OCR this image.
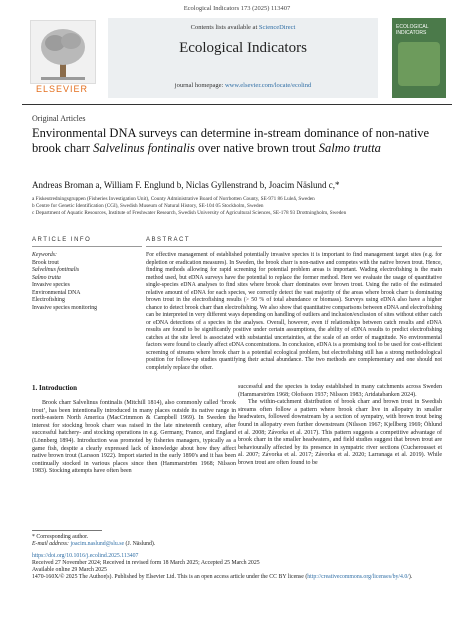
Ecological Indicators 173 (2025) 113407
ELSEVIER
Contents lists available at ScienceDirect
Ecological Indicators
journal homepage: www.elsevier.com/locate/ecolind
ECOLOGICAL INDICATORS
Original Articles
Environmental DNA surveys can determine in-stream dominance of non-native brook charr Salvelinus fontinalis over native brown trout Salmo trutta
Andreas Broman a, William F. Englund b, Niclas Gyllenstrand b, Joacim Näslund c,*
a Fiskeutredningsgruppen (Fisheries Investigation Unit), County Administrative Board of Norrbotten County, SE-971 86 Luleå, Sweden
b Centre for Genetic Identification (CGI), Swedish Museum of Natural History, SE-104 05 Stockholm, Sweden
c Department of Aquatic Resources, Institute of Freshwater Research, Swedish University of Agricultural Sciences, SE-178 93 Drottningholm, Sweden
ARTICLE INFO
Keywords:
Brook trout
Salvelinus fontinalis
Salmo trutta
Invasive species
Environmental DNA
Electrofishing
Invasive species monitoring
ABSTRACT
For effective management of established potentially invasive species it is important to find management target sites (e.g. for depletion or eradication measures). In Sweden, the brook charr is non-native and competes with the native brown trout. Hence, finding methods allowing for rapid screening for potential problem areas is important. Wading electrofishing is the main method used, but eDNA surveys have the potential to replace the former method. Here we evaluate the usage of quantitative single-species eDNA analyses to find sites where brook charr dominates over brown trout. Using the ratio of the estimated relative amount of eDNA for each species, we correctly detect the vast majority of the areas where brook charr is dominating brown trout in the electrofishing results (> 50 % of total abundance or biomass). Surveys using eDNA also have a higher chance to detect brook charr than electrofishing. We also show that quantitative comparisons between eDNA and electrofishing can be interpreted in very different ways depending on handling of outliers and inclusion/exclusion of sites without either catch or eDNA detections of a species in the analyses. Overall, however, even if relationships between catch results and eDNA results are found to be significantly positive under certain assumptions, the ability of eDNA results to predict electrofishing catches at the site level is associated with substantial uncertainties, at the scale of an order of magnitude. No environmental factors were found to clearly affect eDNA concentrations. In conclusion, eDNA is a promising tool to be used for cost-efficient screening of streams where brook charr is a potential ecological problem, but electrofishing still has a strong methodological position for follow-up studies quantifying their actual abundance. The two methods are complementary and one should not completely replace the other.
1. Introduction

Brook charr Salvelinus fontinalis (Mitchill 1814), also commonly called ‘brook trout’, has been intentionally introduced in many places outside its native range in north-eastern North America (MacCrimmon & Campbell 1969). In Sweden the interest for stocking brook charr was raised in the late nineteenth century, after successful hatchery- and stocking operations in e.g. Germany, France, and England (Lönnberg 1894). Introduction was promoted by fisheries managers, typically as a game fish, despite a clearly expressed lack of knowledge about how they affect native brown trout (Larsson 1922). Import started in the early 1890's and it has been continually stocked in various places since then (Hammarström 1968; Nilsson 1983). Stocking attempts have often been

successful and the species is today established in many catchments across Sweden (Hammarström 1968; Olofsson 1937; Nilsson 1983; Artdatabanken 2024).

The within-catchment distribution of brook charr and brown trout in Swedish streams often follow a pattern where brook charr live in allopatry in smaller headwaters, followed downstream by a section of sympatry, with brown trout being found in allopatry even further downstream (Nilsson 1967; Kjellberg 1969; Öhlund et al. 2008; Závorka et al. 2017). This pattern suggests a competitive advantage of brook charr in the smaller headwaters, and field studies suggest that brown trout are behaviourally affected by its presence in sympatric river sections (Cucherousset et al. 2007; Závorka et al. 2017; Závorka et al. 2020; Larranaga et al. 2019). While brown trout are often found to be

* Corresponding author.
E-mail address: joacim.naslund@slu.se (J. Näslund).
https://doi.org/10.1016/j.ecolind.2025.113407
Received 27 November 2024; Received in revised form 18 March 2025; Accepted 25 March 2025
Available online 29 March 2025
1470-160X/© 2025 The Author(s). Published by Elsevier Ltd. This is an open access article under the CC BY license (http://creativecommons.org/licenses/by/4.0/).
